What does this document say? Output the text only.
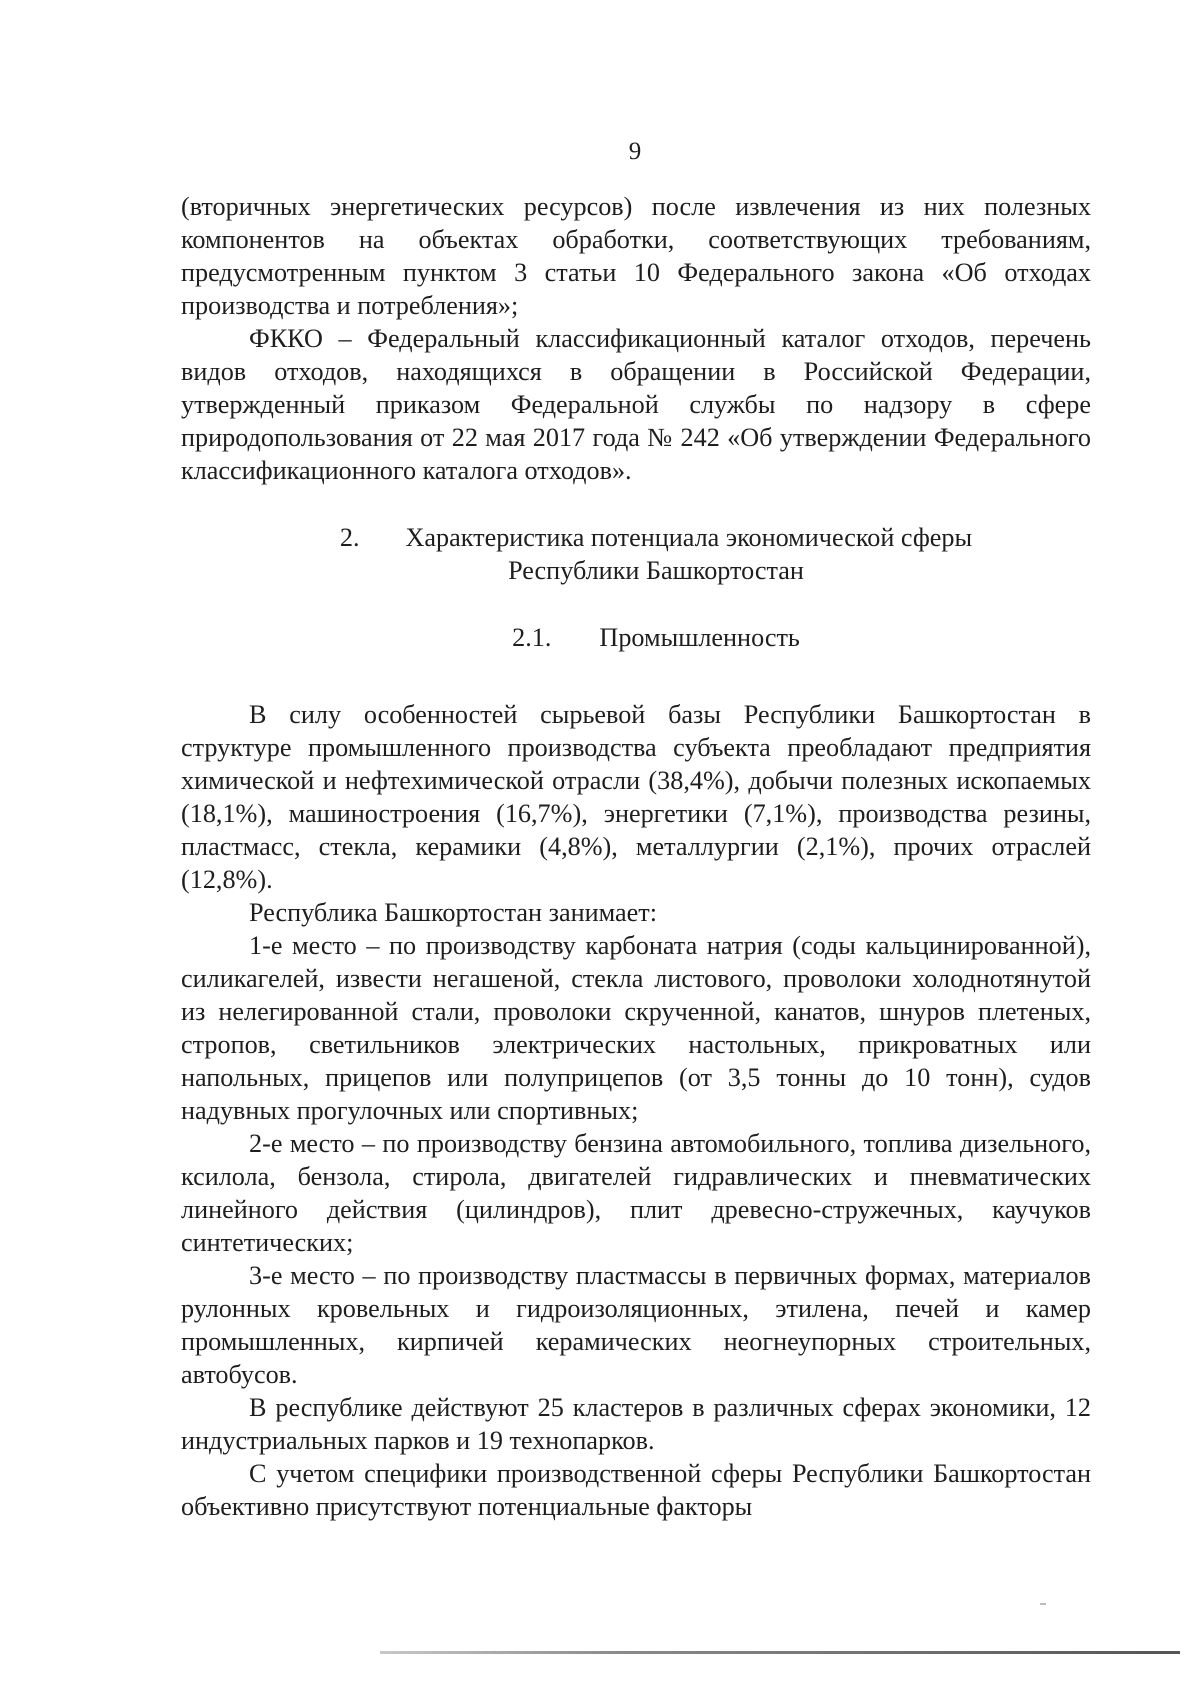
9

(вторичных энергетических ресурсов) после извлечения из них полезных компонентов на объектах обработки, соответствующих требованиям, предусмотренным пунктом 3 статьи 10 Федерального закона «Об отходах производства и потребления»;

ФККО – Федеральный классификационный каталог отходов, перечень видов отходов, находящихся в обращении в Российской Федерации, утвержденный приказом Федеральной службы по надзору в сфере природопользования от 22 мая 2017 года № 242 «Об утверждении Федерального классификационного каталога отходов».

2. Характеристика потенциала экономической сферы
Республики Башкортостан

2.1. Промышленность

В силу особенностей сырьевой базы Республики Башкортостан в структуре промышленного производства субъекта преобладают предприятия химической и нефтехимической отрасли (38,4%), добычи полезных ископаемых (18,1%), машиностроения (16,7%), энергетики (7,1%), производства резины, пластмасс, стекла, керамики (4,8%), металлургии (2,1%), прочих отраслей (12,8%).

Республика Башкортостан занимает:

1-е место – по производству карбоната натрия (соды кальцинированной), силикагелей, извести негашеной, стекла листового, проволоки холоднотянутой из нелегированной стали, проволоки скрученной, канатов, шнуров плетеных, стропов, светильников электрических настольных, прикроватных или напольных, прицепов или полуприцепов (от 3,5 тонны до 10 тонн), судов надувных прогулочных или спортивных;

2-е место – по производству бензина автомобильного, топлива дизельного, ксилола, бензола, стирола, двигателей гидравлических и пневматических линейного действия (цилиндров), плит древесно-стружечных, каучуков синтетических;

3-е место – по производству пластмассы в первичных формах, материалов рулонных кровельных и гидроизоляционных, этилена, печей и камер промышленных, кирпичей керамических неогнеупорных строительных, автобусов.

В республике действуют 25 кластеров в различных сферах экономики, 12 индустриальных парков и 19 технопарков.

С учетом специфики производственной сферы Республики Башкортостан объективно присутствуют потенциальные факторы
